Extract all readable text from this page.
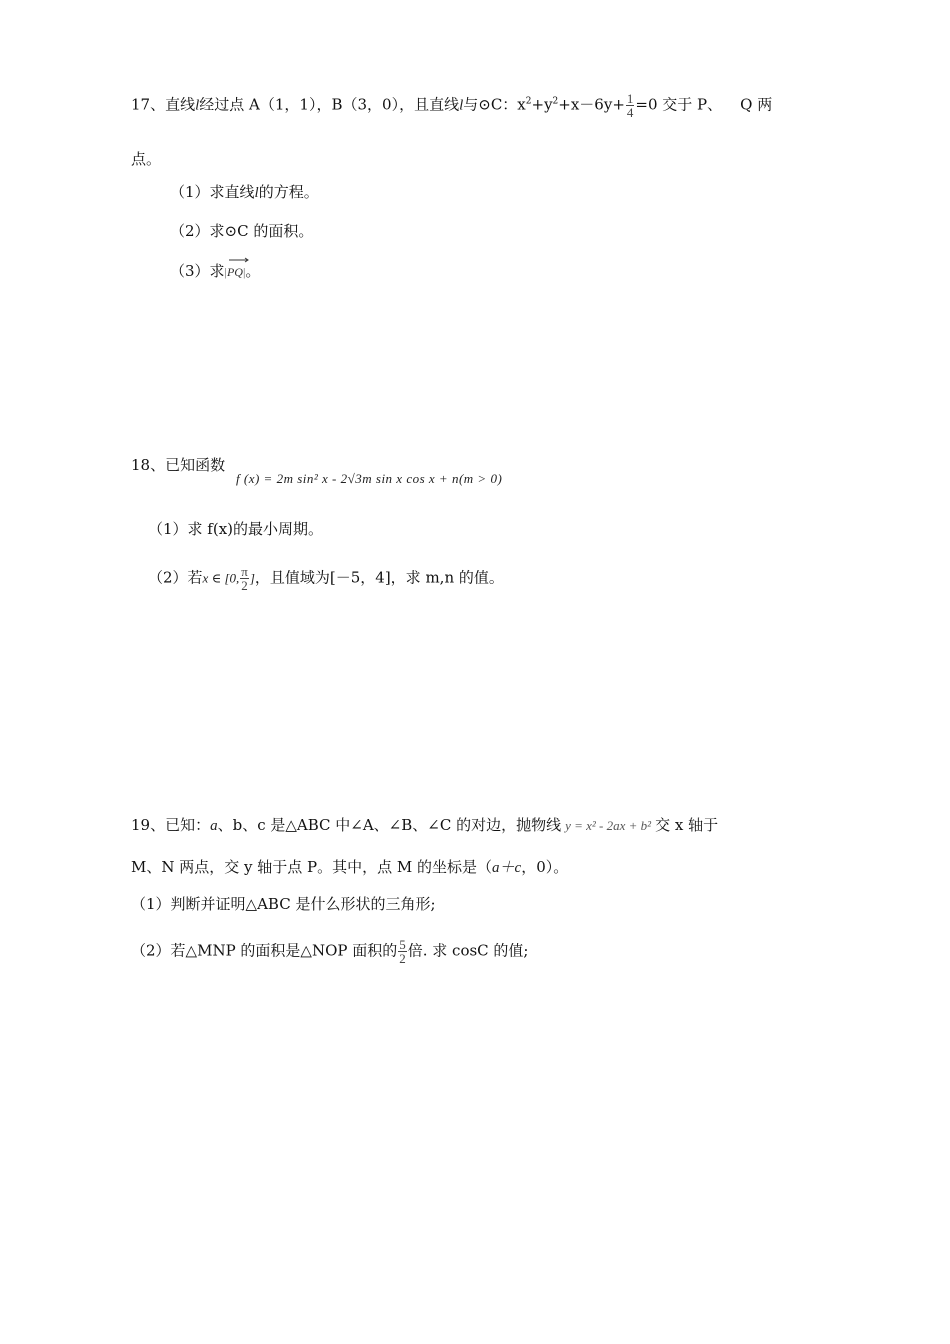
17、直线l经过点 A（1，1），B（3，0），且直线l与⊙C：$x^2+y^2+x-6y+ \frac{1}{4} =0$ 交于 P、 Q 两
点。
（1）求直线l的方程。
（2）求⊙C 的面积。
（3）求|
PQ|。
18、已知函数
f (x) = 2m sin² x - 2√3m sin x cos x + n(m > 0)
（1）求 f(x)的最小周期。
（2）若x ∈ [0, $\frac{\pi}{2}$ ]，且值域为[－5，4]，求 m,n 的值。
19、已知：a、b、c 是△ABC 中∠A、∠B、∠C 的对边，抛物线 y = x² - 2ax + b² 交 x 轴于
M、N 两点，交 y 轴于点 P。其中，点 M 的坐标是（a＋c，0）。
（1）判断并证明△ABC 是什么形状的三角形;
（2）若△MNP 的面积是△NOP 面积的 $\frac{5}{2}$ 倍. 求 cosC 的值;
